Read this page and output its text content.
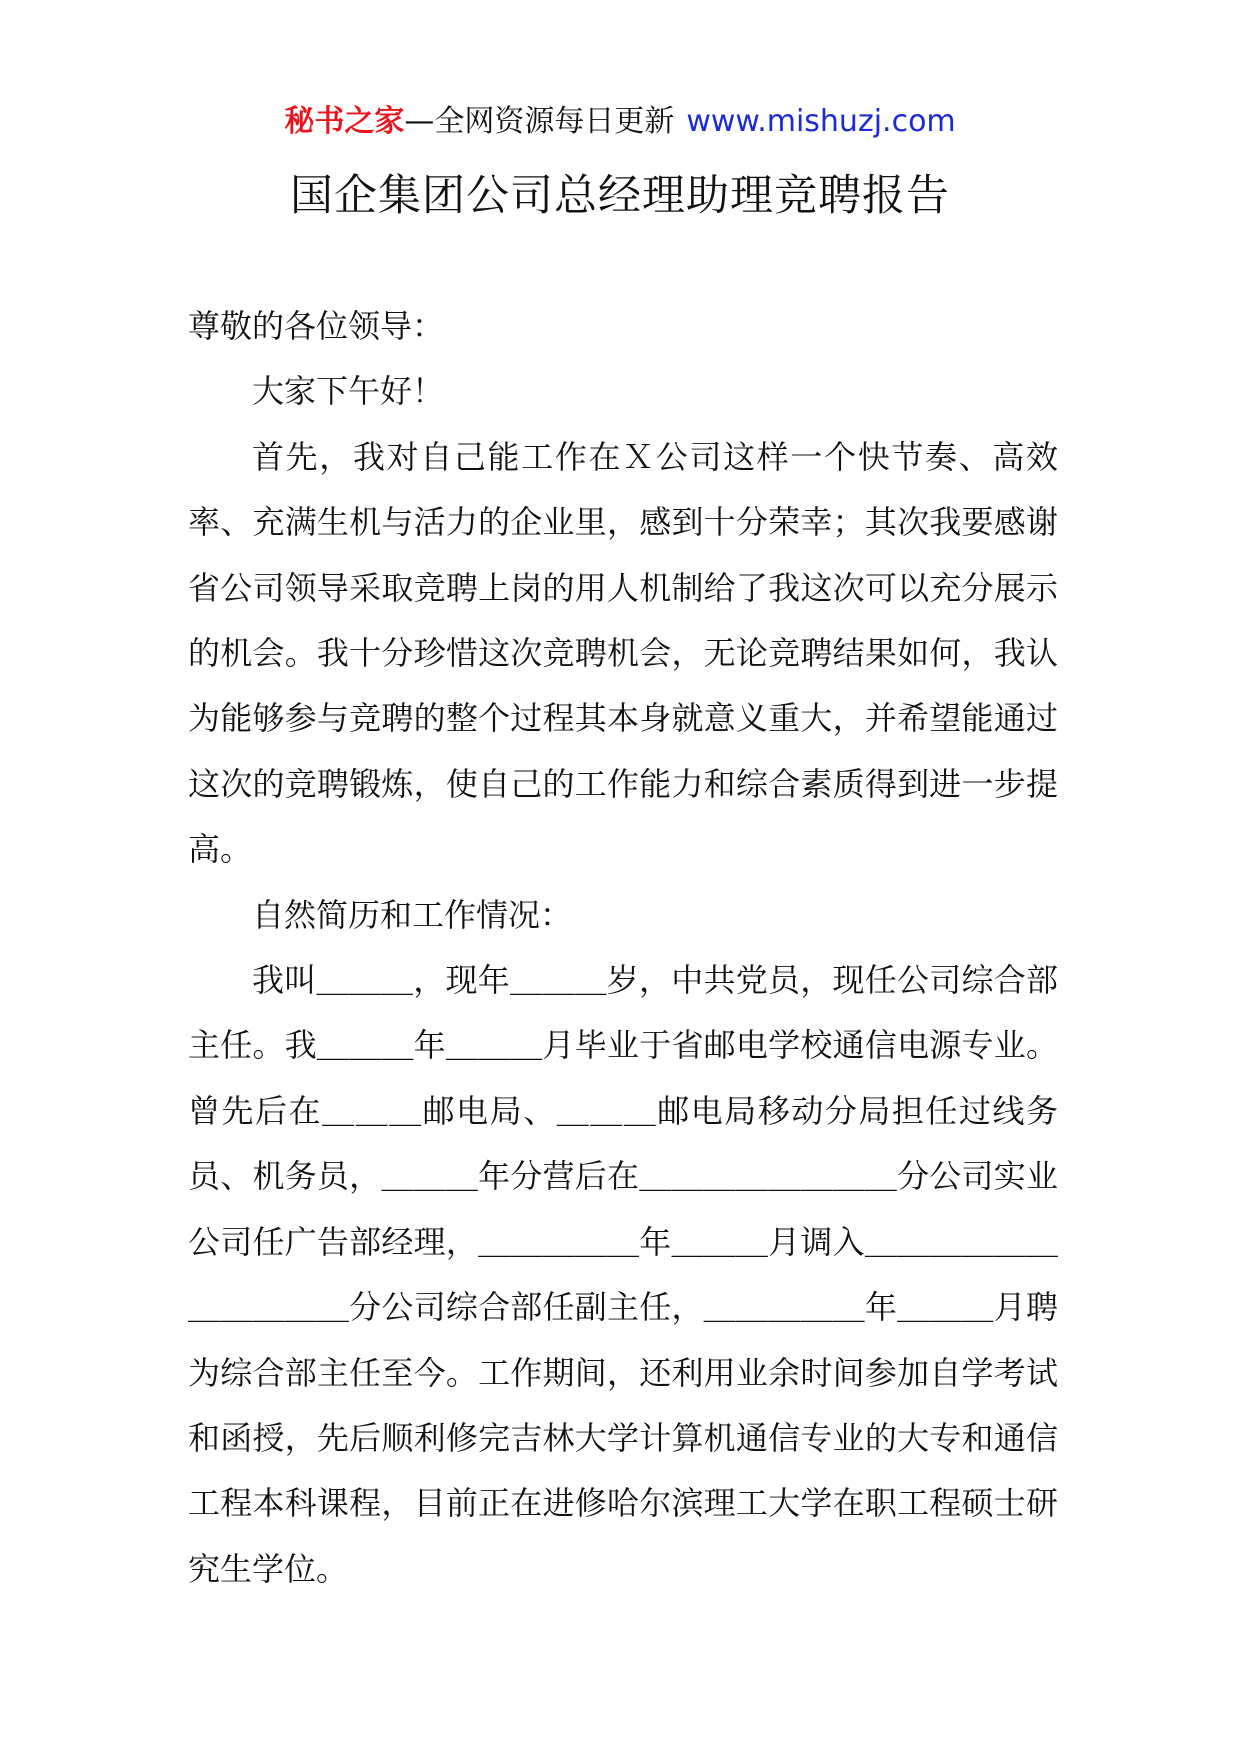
秘书之家—全网资源每日更新 www.mishuzj.com
国企集团公司总经理助理竞聘报告

尊敬的各位领导：

大家下午好！

首先，我对自己能工作在Ｘ公司这样一个快节奏、高效率、充满生机与活力的企业里，感到十分荣幸；其次我要感谢省公司领导采取竞聘上岗的用人机制给了我这次可以充分展示的机会。我十分珍惜这次竞聘机会，无论竞聘结果如何，我认为能够参与竞聘的整个过程其本身就意义重大，并希望能通过这次的竞聘锻炼，使自己的工作能力和综合素质得到进一步提高。

自然简历和工作情况：

我叫＿＿＿，现年＿＿＿岁，中共党员，现任公司综合部主任。我＿＿＿年＿＿＿月毕业于省邮电学校通信电源专业。曾先后在＿＿＿邮电局、＿＿＿邮电局移动分局担任过线务员、机务员，＿＿＿年分营后在＿＿＿＿＿＿＿＿分公司实业公司任广告部经理，＿＿＿＿＿年＿＿＿月调入＿＿＿＿＿＿＿＿＿＿＿分公司综合部任副主任，＿＿＿＿＿年＿＿＿月聘为综合部主任至今。工作期间，还利用业余时间参加自学考试和函授，先后顺利修完吉林大学计算机通信专业的大专和通信工程本科课程，目前正在进修哈尔滨理工大学在职工程硕士研究生学位。
